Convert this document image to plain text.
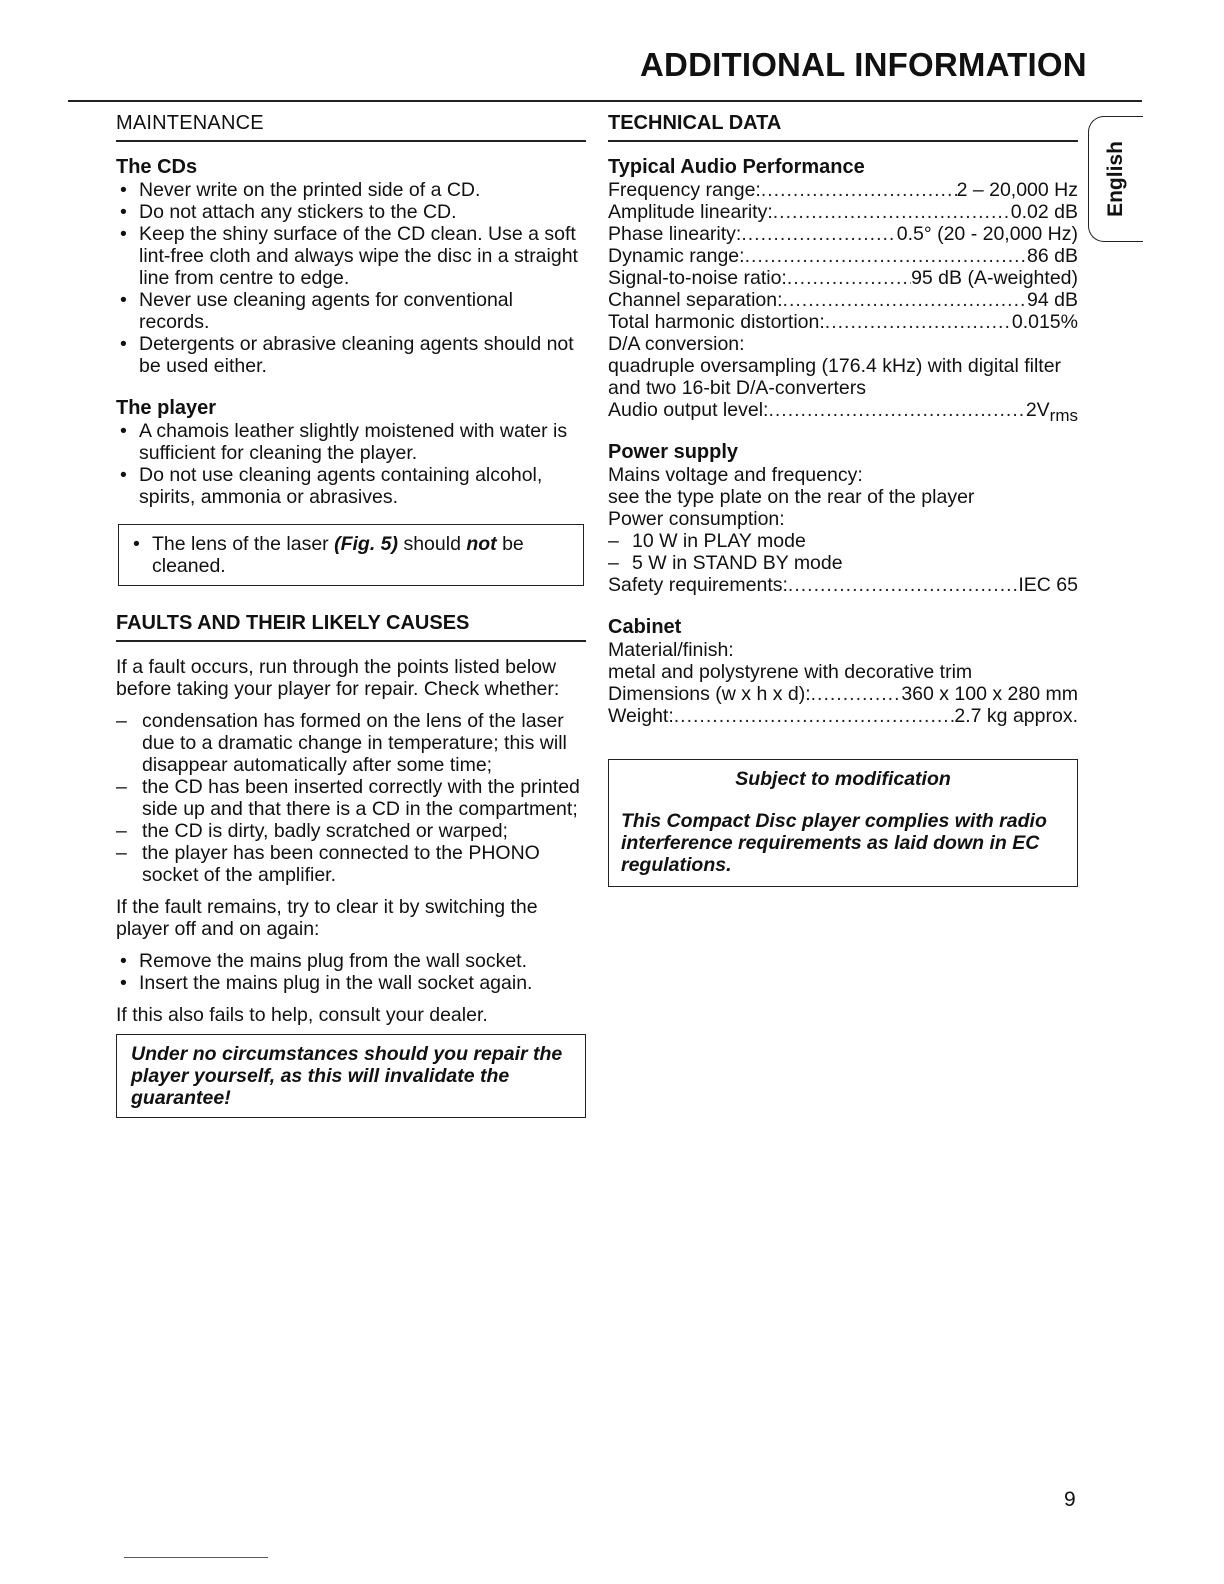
ADDITIONAL INFORMATION
English
MAINTENANCE
The CDs
• Never write on the printed side of a CD.
• Do not attach any stickers to the CD.
• Keep the shiny surface of the CD clean. Use a soft lint-free cloth and always wipe the disc in a straight line from centre to edge.
• Never use cleaning agents for conventional records.
• Detergents or abrasive cleaning agents should not be used either.
The player
• A chamois leather slightly moistened with water is sufficient for cleaning the player.
• Do not use cleaning agents containing alcohol, spirits, ammonia or abrasives.
• The lens of the laser (Fig. 5) should not be cleaned.
FAULTS AND THEIR LIKELY CAUSES

If a fault occurs, run through the points listed below before taking your player for repair. Check whether:

– condensation has formed on the lens of the laser due to a dramatic change in temperature; this will disappear automatically after some time;
– the CD has been inserted correctly with the printed side up and that there is a CD in the compartment;
– the CD is dirty, badly scratched or warped;
– the player has been connected to the PHONO socket of the amplifier.

If the fault remains, try to clear it by switching the player off and on again:

• Remove the mains plug from the wall socket.
• Insert the mains plug in the wall socket again.

If this also fails to help, consult your dealer.

Under no circumstances should you repair the player yourself, as this will invalidate the guarantee!
TECHNICAL DATA
Typical Audio Performance
Frequency range: .....	2 – 20,000 Hz
Amplitude linearity: .....	0.02 dB
Phase linearity: .....	0.5° (20 - 20,000 Hz)
Dynamic range: .....	86 dB
Signal-to-noise ratio: .....	95 dB (A-weighted)
Channel separation: .....	94 dB
Total harmonic distortion: .....	0.015%

D/A conversion:

quadruple oversampling (176.4 kHz) with digital filter and two 16-bit D/A-converters

Audio output level: .....	$2V_{rms}$
Power supply

Mains voltage and frequency:

see the type plate on the rear of the player

Power consumption:

– 10 W in PLAY mode
– 5 W in STAND BY mode
Safety requirements: .....	IEC 65
Cabinet

Material/finish:

metal and polystyrene with decorative trim

Dimensions (w x h x d): .....	360 x 100 x 280 mm
Weight: .....	2.7 kg approx.
Subject to modification
This Compact Disc player complies with radio interference requirements as laid down in EC regulations.
9
